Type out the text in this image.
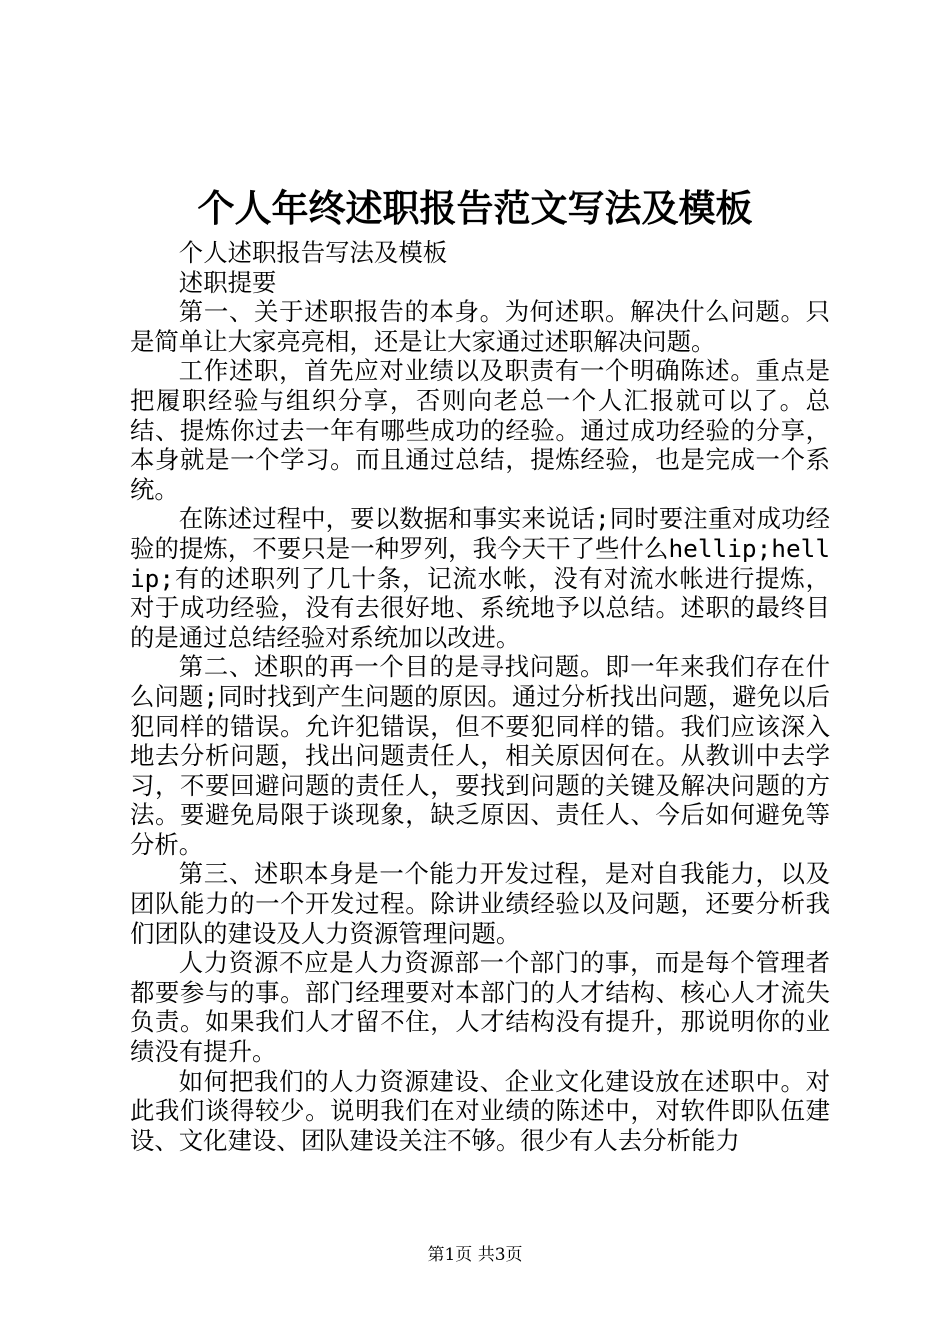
个人年终述职报告范文写法及模板

个人述职报告写法及模板

述职提要

第一、关于述职报告的本身。为何述职。解决什么问题。只是简单让大家亮亮相，还是让大家通过述职解决问题。

工作述职，首先应对业绩以及职责有一个明确陈述。重点是把履职经验与组织分享，否则向老总一个人汇报就可以了。总结、提炼你过去一年有哪些成功的经验。通过成功经验的分享，本身就是一个学习。而且通过总结，提炼经验，也是完成一个系统。

在陈述过程中，要以数据和事实来说话;同时要注重对成功经验的提炼，不要只是一种罗列，我今天干了些什么hellip;hellip;有的述职列了几十条，记流水帐，没有对流水帐进行提炼，对于成功经验，没有去很好地、系统地予以总结。述职的最终目的是通过总结经验对系统加以改进。

第二、述职的再一个目的是寻找问题。即一年来我们存在什么问题;同时找到产生问题的原因。通过分析找出问题，避免以后犯同样的错误。允许犯错误，但不要犯同样的错。我们应该深入地去分析问题，找出问题责任人，相关原因何在。从教训中去学习，不要回避问题的责任人，要找到问题的关键及解决问题的方法。要避免局限于谈现象，缺乏原因、责任人、今后如何避免等分析。

第三、述职本身是一个能力开发过程，是对自我能力，以及团队能力的一个开发过程。除讲业绩经验以及问题，还要分析我们团队的建设及人力资源管理问题。

人力资源不应是人力资源部一个部门的事，而是每个管理者都要参与的事。部门经理要对本部门的人才结构、核心人才流失负责。如果我们人才留不住，人才结构没有提升，那说明你的业绩没有提升。

如何把我们的人力资源建设、企业文化建设放在述职中。对此我们谈得较少。说明我们在对业绩的陈述中，对软件即队伍建设、文化建设、团队建设关注不够。很少有人去分析能力

第1页 共3页
